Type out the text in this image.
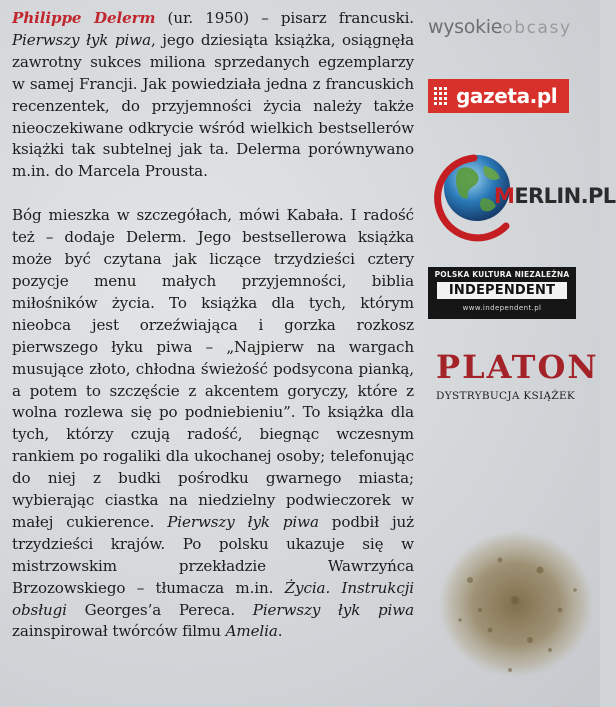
Philippe Delerm (ur. 1950) – pisarz francuski. Pierwszy łyk piwa, jego dziesiąta książka, osiągnęła zawrotny sukces miliona sprzedanych egzemplarzy w samej Francji. Jak powiedziała jedna z francuskich recenzentek, do przyjemności życia należy także nieoczekiwane odkrycie wśród wielkich bestsellerów książki tak subtelnej jak ta. Delerma porównywano m.in. do Marcela Prousta.

Bóg mieszka w szczegółach, mówi Kabała. I radość też – dodaje Delerm. Jego bestsellerowa książka może być czytana jak liczące trzydzieści cztery pozycje menu małych przyjemności, biblia miłośników życia. To książka dla tych, którym nieobca jest orzeźwiająca i gorzka rozkosz pierwszego łyku piwa – „Najpierw na wargach musujące złoto, chłodna świeżość podsycona pianką, a potem to szczęście z akcentem goryczy, które z wolna rozlewa się po podniebieniu”. To książka dla tych, którzy czują radość, biegnąc wczesnym rankiem po rogaliki dla ukochanej osoby; telefonując do niej z budki pośrodku gwarnego miasta; wybierając ciastka na niedzielny podwieczorek w małej cukierence. Pierwszy łyk piwa podbił już trzydzieści krajów. Po polsku ukazuje się w mistrzowskim przekładzie Wawrzyńca Brzozowskiego – tłumacza m.in. Życia. Instrukcji obsługi Georges’a Pereca. Pierwszy łyk piwa zainspirował twórców filmu Amelia.

wysokieobcasy
gazeta.pl
MERLIN.PL
POLSKA KULTURA NIEZALEŻNA
INDEPENDENT
www.independent.pl
PLATON
DYSTRYBUCJA KSIĄŻEK
